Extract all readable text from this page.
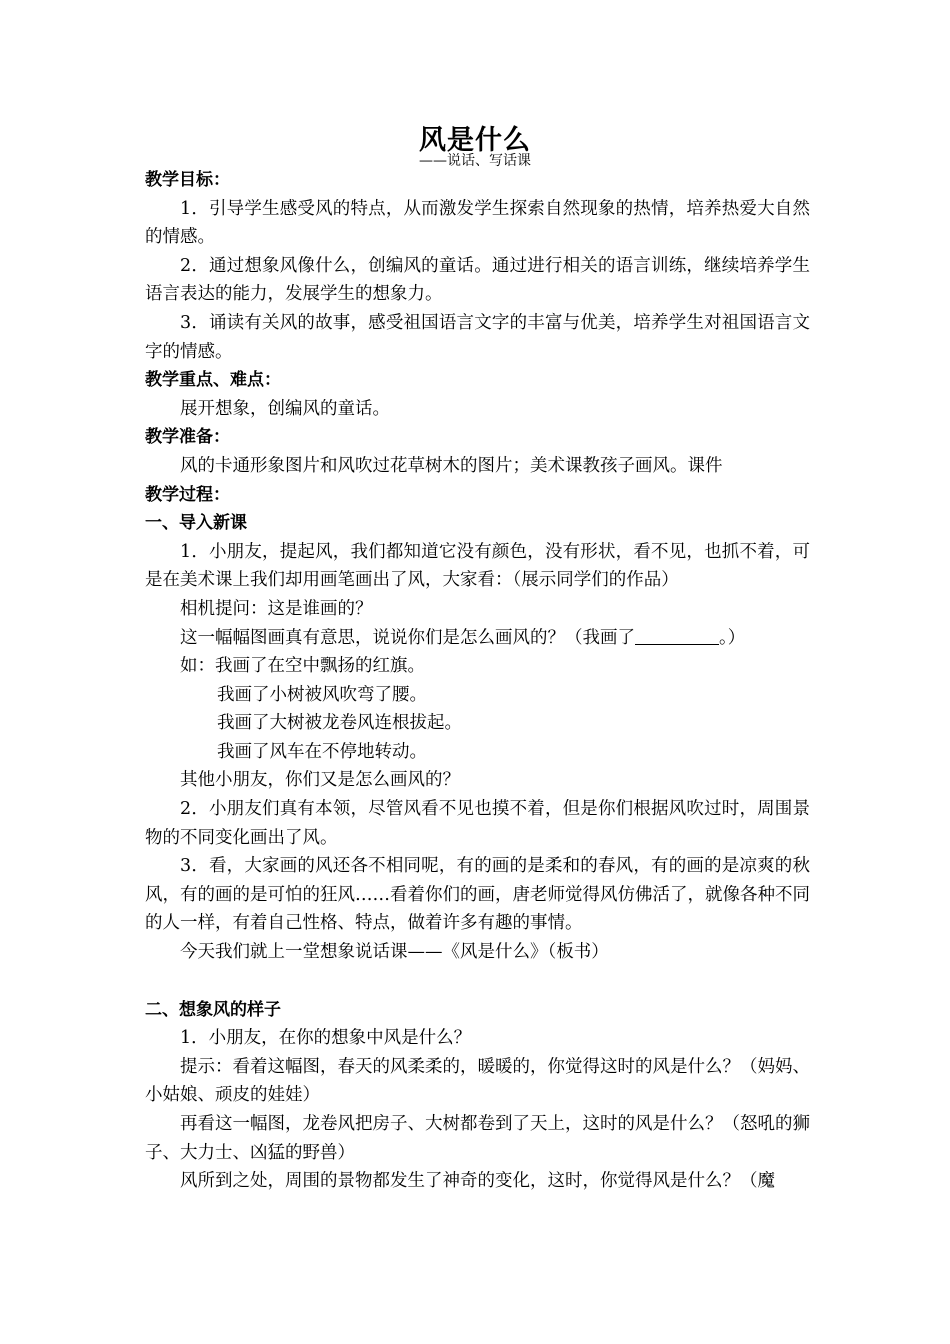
风是什么
——说话、写话课
教学目标：
1．引导学生感受风的特点，从而激发学生探索自然现象的热情，培养热爱大自然的情感。
2．通过想象风像什么，创编风的童话。通过进行相关的语言训练，继续培养学生语言表达的能力，发展学生的想象力。
3．诵读有关风的故事，感受祖国语言文字的丰富与优美，培养学生对祖国语言文字的情感。
教学重点、难点：
展开想象，创编风的童话。
教学准备：
风的卡通形象图片和风吹过花草树木的图片；美术课教孩子画风。课件
教学过程：
一、导入新课
1．小朋友，提起风，我们都知道它没有颜色，没有形状，看不见，也抓不着，可是在美术课上我们却用画笔画出了风，大家看：（展示同学们的作品）
相机提问：这是谁画的？
这一幅幅图画真有意思，说说你们是怎么画风的？（我画了	。）
如：我画了在空中飘扬的红旗。
我画了小树被风吹弯了腰。
我画了大树被龙卷风连根拔起。
我画了风车在不停地转动。
其他小朋友，你们又是怎么画风的？
2．小朋友们真有本领，尽管风看不见也摸不着，但是你们根据风吹过时，周围景物的不同变化画出了风。
3．看，大家画的风还各不相同呢，有的画的是柔和的春风，有的画的是凉爽的秋风，有的画的是可怕的狂风……看着你们的画，唐老师觉得风仿佛活了，就像各种不同的人一样，有着自己性格、特点，做着许多有趣的事情。
今天我们就上一堂想象说话课——《风是什么》（板书）
二、想象风的样子
1．小朋友，在你的想象中风是什么？
提示：看着这幅图，春天的风柔柔的，暖暖的，你觉得这时的风是什么？（妈妈、小姑娘、顽皮的娃娃）
再看这一幅图，龙卷风把房子、大树都卷到了天上，这时的风是什么？（怒吼的狮子、大力士、凶猛的野兽）
风所到之处，周围的景物都发生了神奇的变化，这时，你觉得风是什么？（魔
